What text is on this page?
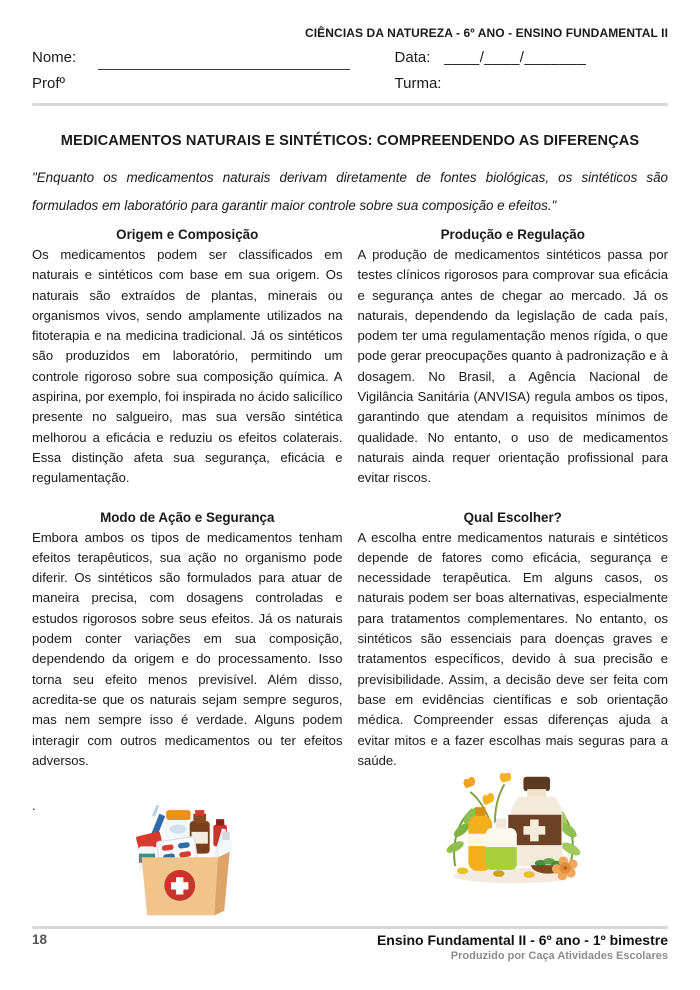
CIÊNCIAS DA NATUREZA - 6º ANO - ENSINO FUNDAMENTAL II
Nome:	Data: ____/____/_______
Profº	Turma:
MEDICAMENTOS NATURAIS E SINTÉTICOS: COMPREENDENDO AS DIFERENÇAS

"Enquanto os medicamentos naturais derivam diretamente de fontes biológicas, os sintéticos são formulados em laboratório para garantir maior controle sobre sua composição e efeitos."

Origem e Composição

Os medicamentos podem ser classificados em naturais e sintéticos com base em sua origem. Os naturais são extraídos de plantas, minerais ou organismos vivos, sendo amplamente utilizados na fitoterapia e na medicina tradicional. Já os sintéticos são produzidos em laboratório, permitindo um controle rigoroso sobre sua composição química. A aspirina, por exemplo, foi inspirada no ácido salicílico presente no salgueiro, mas sua versão sintética melhorou a eficácia e reduziu os efeitos colaterais. Essa distinção afeta sua segurança, eficácia e regulamentação.

Modo de Ação e Segurança

Embora ambos os tipos de medicamentos tenham efeitos terapêuticos, sua ação no organismo pode diferir. Os sintéticos são formulados para atuar de maneira precisa, com dosagens controladas e estudos rigorosos sobre seus efeitos. Já os naturais podem conter variações em sua composição, dependendo da origem e do processamento. Isso torna seu efeito menos previsível. Além disso, acredita-se que os naturais sejam sempre seguros, mas nem sempre isso é verdade. Alguns podem interagir com outros medicamentos ou ter efeitos adversos.

.

Produção e Regulação

A produção de medicamentos sintéticos passa por testes clínicos rigorosos para comprovar sua eficácia e segurança antes de chegar ao mercado. Já os naturais, dependendo da legislação de cada país, podem ter uma regulamentação menos rígida, o que pode gerar preocupações quanto à padronização e à dosagem. No Brasil, a Agência Nacional de Vigilância Sanitária (ANVISA) regula ambos os tipos, garantindo que atendam a requisitos mínimos de qualidade. No entanto, o uso de medicamentos naturais ainda requer orientação profissional para evitar riscos.

Qual Escolher?

A escolha entre medicamentos naturais e sintéticos depende de fatores como eficácia, segurança e necessidade terapêutica. Em alguns casos, os naturais podem ser boas alternativas, especialmente para tratamentos complementares. No entanto, os sintéticos são essenciais para doenças graves e tratamentos específicos, devido à sua precisão e previsibilidade. Assim, a decisão deve ser feita com base em evidências científicas e sob orientação médica. Compreender essas diferenças ajuda a evitar mitos e a fazer escolhas mais seguras para a saúde.

18	Ensino Fundamental II - 6º ano - 1º bimestre
Produzido por Caça Atividades Escolares
